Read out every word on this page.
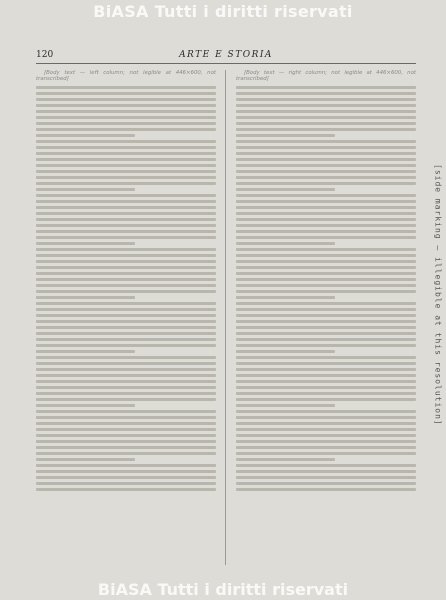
BiASA Tutti i diritti riservati
[side marking — illegible at this resolution]
120	ARTE E STORIA

[Body text — left column; not legible at 446×600, not transcribed]

[Body text — right column; not legible at 446×600, not transcribed]

BiASA Tutti i diritti riservati
